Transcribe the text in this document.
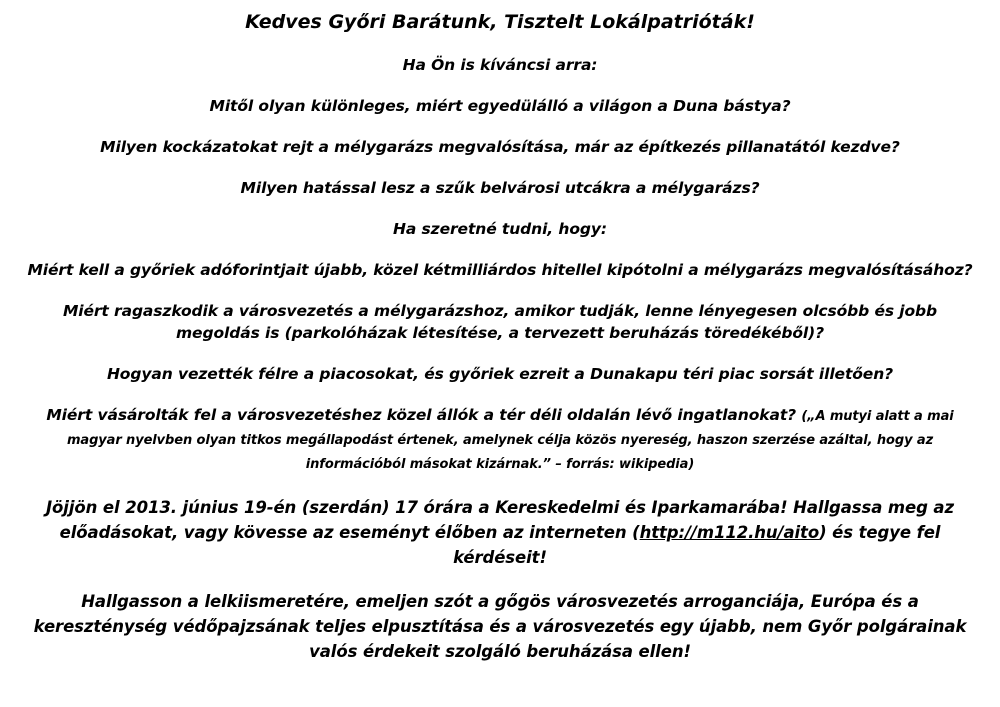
Kedves Győri Barátunk, Tisztelt Lokálpatrióták!
Ha Ön is kíváncsi arra:
Mitől olyan különleges, miért egyedülálló a világon a Duna bástya?
Milyen kockázatokat rejt a mélygarázs megvalósítása, már az építkezés pillanatától kezdve?
Milyen hatással lesz a szűk belvárosi utcákra a mélygarázs?
Ha szeretné tudni, hogy:
Miért kell a győriek adóforintjait újabb, közel kétmilliárdos hitellel kipótolni a mélygarázs megvalósításához?
Miért ragaszkodik a városvezetés a mélygarázshoz, amikor tudják, lenne lényegesen olcsóbb és jobb megoldás is (parkolóházak létesítése, a tervezett beruházás töredékéből)?
Hogyan vezették félre a piacosokat, és győriek ezreit a Dunakapu téri piac sorsát illetően?
Miért vásárolták fel a városvezetéshez közel állók a tér déli oldalán lévő ingatlanokat? („A mutyi alatt a mai magyar nyelvben olyan titkos megállapodást értenek, amelynek célja közös nyereség, haszon szerzése azáltal, hogy az információból másokat kizárnak.” – forrás: wikipedia)
Jöjjön el 2013. június 19-én (szerdán) 17 órára a Kereskedelmi és Iparkamarába! Hallgassa meg az előadásokat, vagy kövesse az eseményt élőben az interneten (http://m112.hu/aito) és tegye fel kérdéseit!
Hallgasson a lelkiismeretére, emeljen szót a gőgös városvezetés arroganciája, Európa és a kereszténység védőpajzsának teljes elpusztítása és a városvezetés egy újabb, nem Győr polgárainak valós érdekeit szolgáló beruházása ellen!
